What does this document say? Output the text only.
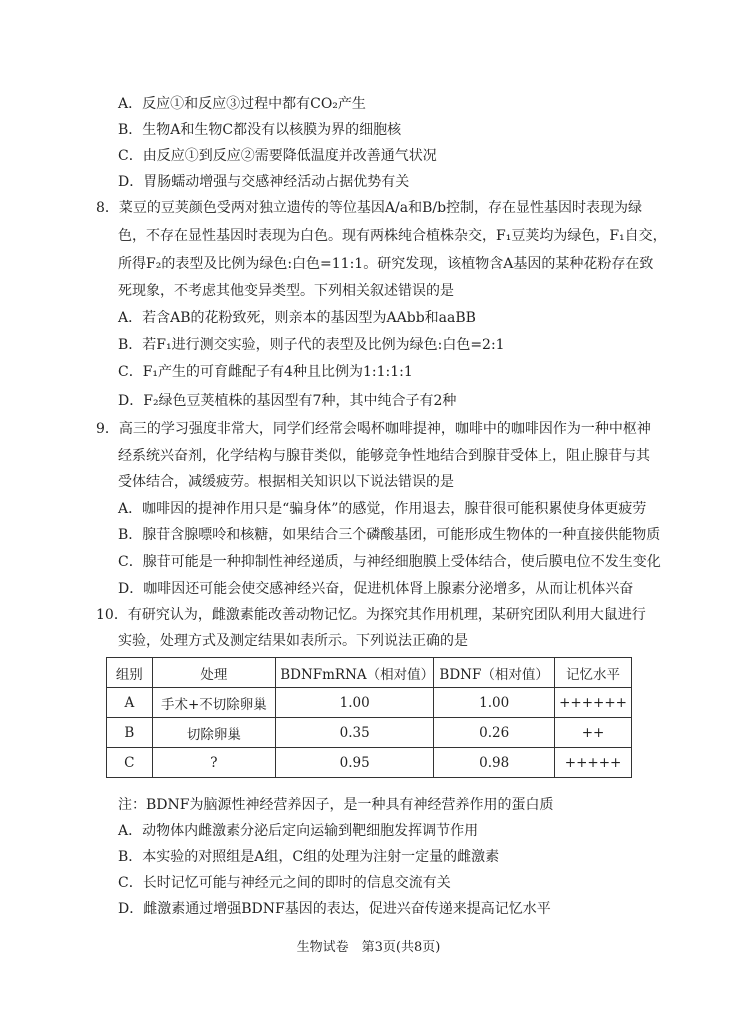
A．反应①和反应③过程中都有CO₂产生
B．生物A和生物C都没有以核膜为界的细胞核
C．由反应①到反应②需要降低温度并改善通气状况
D．胃肠蠕动增强与交感神经活动占据优势有关
8．菜豆的豆荚颜色受两对独立遗传的等位基因A/a和B/b控制，存在显性基因时表现为绿
色，不存在显性基因时表现为白色。现有两株纯合植株杂交，F₁豆荚均为绿色，F₁自交，
所得F₂的表型及比例为绿色:白色=11:1。研究发现，该植物含A基因的某种花粉存在致
死现象，不考虑其他变异类型。下列相关叙述错误的是
A．若含AB的花粉致死，则亲本的基因型为AAbb和aaBB
B．若F₁进行测交实验，则子代的表型及比例为绿色:白色=2:1
C．F₁产生的可育雌配子有4种且比例为1:1:1:1
D．F₂绿色豆荚植株的基因型有7种，其中纯合子有2种
9．高三的学习强度非常大，同学们经常会喝杯咖啡提神，咖啡中的咖啡因作为一种中枢神
经系统兴奋剂，化学结构与腺苷类似，能够竞争性地结合到腺苷受体上，阻止腺苷与其
受体结合，减缓疲劳。根据相关知识以下说法错误的是
A．咖啡因的提神作用只是“骗身体”的感觉，作用退去，腺苷很可能积累使身体更疲劳
B．腺苷含腺嘌呤和核糖，如果结合三个磷酸基团，可能形成生物体的一种直接供能物质
C．腺苷可能是一种抑制性神经递质，与神经细胞膜上受体结合，使后膜电位不发生变化
D．咖啡因还可能会使交感神经兴奋，促进机体肾上腺素分泌增多，从而让机体兴奋
10．有研究认为，雌激素能改善动物记忆。为探究其作用机理，某研究团队利用大鼠进行
实验，处理方式及测定结果如表所示。下列说法正确的是
组别	处理	BDNFmRNA（相对值）	BDNF（相对值）	记忆水平
A	手术+不切除卵巢	1.00	1.00	++++++
B	切除卵巢	0.35	0.26	++
C	?	0.95	0.98	+++++
注：BDNF为脑源性神经营养因子，是一种具有神经营养作用的蛋白质
A．动物体内雌激素分泌后定向运输到靶细胞发挥调节作用
B．本实验的对照组是A组，C组的处理为注射一定量的雌激素
C．长时记忆可能与神经元之间的即时的信息交流有关
D．雌激素通过增强BDNF基因的表达，促进兴奋传递来提高记忆水平
生物试卷　第3页(共8页)
